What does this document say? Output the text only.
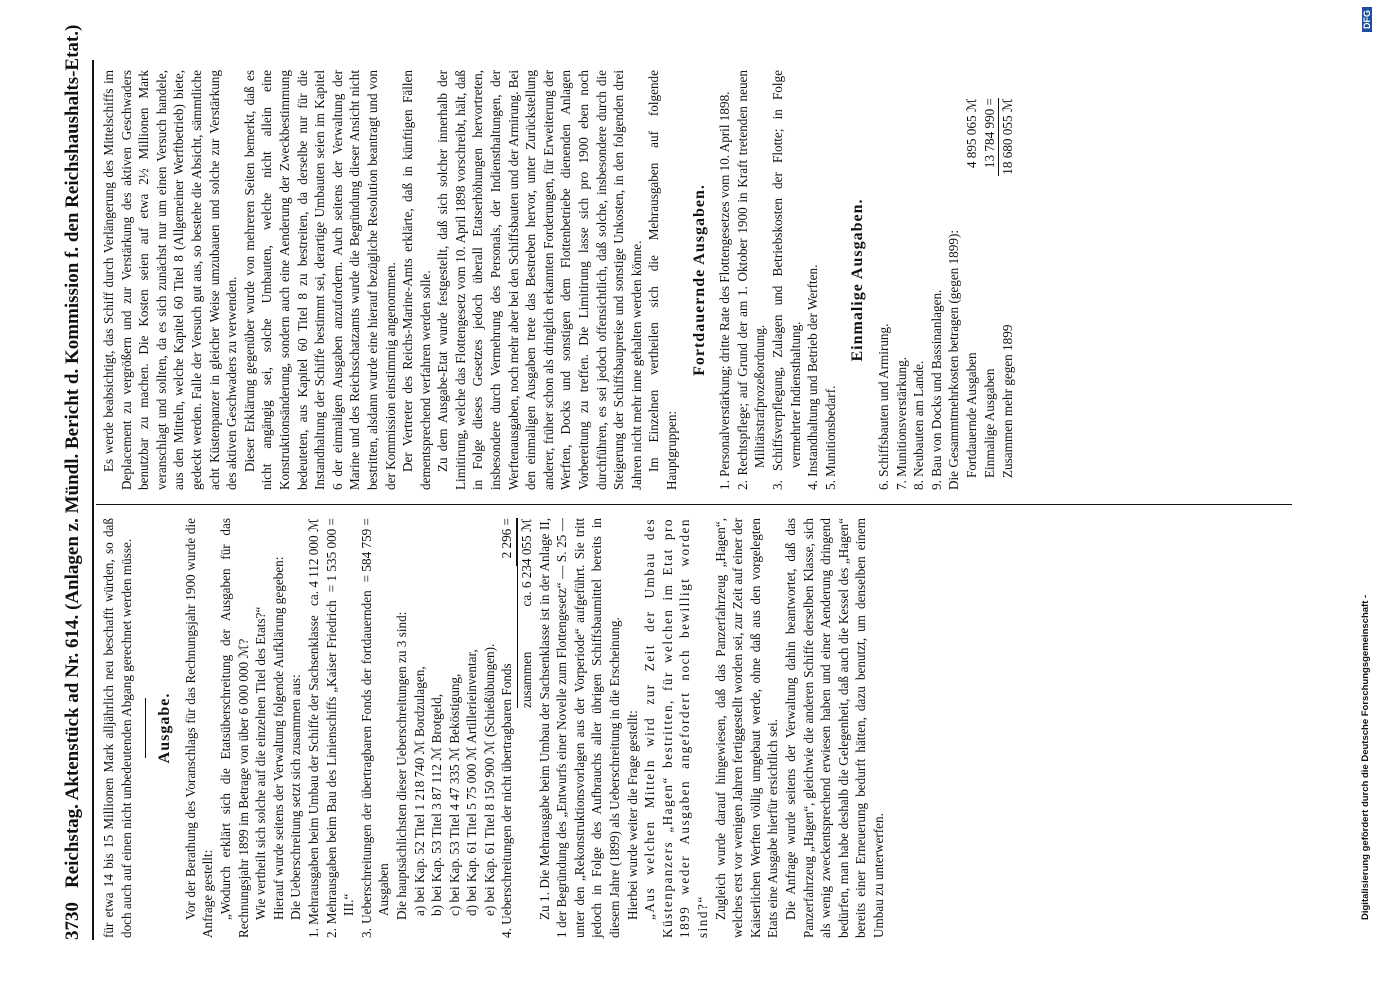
3730
Reichstag. Aktenstück ad Nr. 614. (Anlagen z. Mündl. Bericht d. Kommission f. den Reichshaushalts-Etat.) für etwa 14 bis 15 Millionen Mark alljährlich neu beschafft würden, so daß doch auch auf einen nicht unbedeutenden Abgang gerechnet werden müsse. Ausgabe. Vor der Berathung des Voranschlags für das Rechnungsjahr 1900 wurde die Anfrage gestellt: „Wodurch erklärt sich die Etatsüberschreitung der Ausgaben für das Rechnungsjahr 1899 im Betrage von über 6 000 000 ℳ? Wie vertheilt sich solche auf die einzelnen Titel des Etats?“ Hierauf wurde seitens der Verwaltung folgende Aufklärung gegeben: Die Ueberschreitung setzt sich zusammen aus: 1. Mehrausgaben beim Umbau der Schiffe der Sachsenklasse
ca. 4 112 000 ℳ
2. Mehrausgaben beim Bau des Linienschiffs „Kaiser Friedrich III.“
= 1 535 000 =
3. Ueberschreitungen der übertragbaren Fonds der fortdauernden Ausgaben
= 584 759 =

Die hauptsächlichsten dieser Ueberschreitungen zu 3 sind: a) bei Kap. 52 Titel 1 218 740 ℳ Bordzulagen, b) bei Kap. 53 Titel 3 87 112 ℳ Brotgeld, c) bei Kap. 53 Titel 4 47 335 ℳ Beköstigung, d) bei Kap. 61 Titel 5 75 000 ℳ Artillerieinventar, e) bei Kap. 61 Titel 8 150 900 ℳ (Schießübungen). 4. Ueberschreitungen der nicht übertragbaren Fonds
2 296 =
zusammen
ca. 6 234 055 ℳ Zu 1. Die Mehrausgabe beim Umbau der Sachsenklasse ist in der Anlage II, 1 der Begründung des „Entwurfs einer Novelle zum Flottengesetz“ — S. 25 — unter den „Rekonstruktionsvorlagen aus der Vorperiode“ aufgeführt. Sie tritt jedoch in Folge des Aufbrauchs aller übrigen Schiffsbaumittel bereits in diesem Jahre (1899) als Ueberschreitung in die Erscheinung. Hierbei wurde weiter die Frage gestellt: „Aus welchen Mitteln wird zur Zeit der Umbau des Küstenpanzers „Hagen“ bestritten, für welchen im Etat pro 1899 weder Ausgaben angefordert noch bewilligt worden sind?“ Zugleich wurde darauf hingewiesen, daß das Panzerfahrzeug „Hagen“, welches erst vor wenigen Jahren fertiggestellt worden sei, zur Zeit auf einer der Kaiserlichen Werften völlig umgebaut werde, ohne daß aus den vorgelegten Etats eine Ausgabe hierfür ersichtlich sei. Die Anfrage wurde seitens der Verwaltung dahin beantwortet, daß das Panzerfahrzeug „Hagen“, gleichwie die anderen Schiffe derselben Klasse, sich als wenig zweckentsprechend erwiesen haben und einer Aenderung dringend bedürfen, man habe deshalb die Gelegenheit, daß auch die Kessel des „Hagen“ bereits einer Erneuerung bedurft hätten, dazu benutzt, um denselben einem Umbau zu unterwerfen.

Es werde beabsichtigt, das Schiff durch Verlängerung des Mittelschiffs im Deplacement zu vergrößern und zur Verstärkung des aktiven Geschwaders benutzbar zu machen. Die Kosten seien auf etwa 2½ Millionen Mark veranschlagt und sollten, da es sich zunächst nur um einen Versuch handele, aus den Mitteln, welche Kapitel 60 Titel 8 (Allgemeiner Werftbetrieb) biete, gedeckt werden. Falle der Versuch gut aus, so bestehe die Absicht, sämmtliche acht Küstenpanzer in gleicher Weise umzubauen und solche zur Verstärkung des aktiven Geschwaders zu verwenden. Dieser Erklärung gegenüber wurde von mehreren Seiten bemerkt, daß es nicht angängig sei, solche Umbauten, welche nicht allein eine Konstruktionsänderung, sondern auch eine Aenderung der Zweckbestimmung bedeuteten, aus Kapitel 60 Titel 8 zu bestreiten, da derselbe nur für die Instandhaltung der Schiffe bestimmt sei, derartige Umbauten seien im Kapitel 6 der einmaligen Ausgaben anzufordern. Auch seitens der Verwaltung der Marine und des Reichsschatzamts wurde die Begründung dieser Ansicht nicht bestritten, alsdann wurde eine hierauf bezügliche Resolution beantragt und von der Kommission einstimmig angenommen. Der Vertreter des Reichs-Marine-Amts erklärte, daß in künftigen Fällen dementsprechend verfahren werden solle. Zu dem Ausgabe-Etat wurde festgestellt, daß sich solcher innerhalb der Limitirung, welche das Flottengesetz vom 10. April 1898 vorschreibt, hält, daß in Folge dieses Gesetzes jedoch überall Etatserhöhungen hervortreten, insbesondere durch Vermehrung des Personals, der Indiensthaltungen, der Werftenausgaben, noch mehr aber bei den Schiffsbauten und der Armirung. Bei den einmaligen Ausgaben trete das Bestreben hervor, unter Zurückstellung anderer, früher schon als dringlich erkannten Forderungen, für Erweiterung der Werften, Docks und sonstigen dem Flottenbetriebe dienenden Anlagen Vorbereitung zu treffen. Die Limitirung lasse sich pro 1900 eben noch durchführen, es sei jedoch offensichtlich, daß solche, insbesondere durch die Steigerung der Schiffsbaupreise und sonstige Unkosten, in den folgenden drei Jahren nicht mehr inne gehalten werden könne. Im Einzelnen vertheilen sich die Mehrausgaben auf folgende Hauptgruppen:

Fortdauernde Ausgaben. 1. Personalverstärkung; dritte Rate des Flottengesetzes vom 10. April 1898. 2. Rechtspflege; auf Grund der am 1. Oktober 1900 in Kraft tretenden neuen Militärstrafprozeßordnung. 3. Schiffsverpflegung, Zulagen und Betriebskosten der Flotte; in Folge vermehrter Indiensthaltung. 4. Instandhaltung und Betrieb der Werften. 5. Munitionsbedarf.

Einmalige Ausgaben.

6. Schiffsbauten und Armirung. 7. Munitionsverstärkung. 8. Neubauten am Lande. 9. Bau von Docks und Bassinanlagen. Die Gesammtmehrkosten betragen (gegen 1899): Fortdauernde Ausgaben
4 895 065 ℳ
Einmalige Ausgaben
13 784 990 =
Zusammen mehr gegen 1899
18 680 055 ℳ
Digitalisierung gefördert durch die Deutsche Forschungsgemeinschaft -
DFG
